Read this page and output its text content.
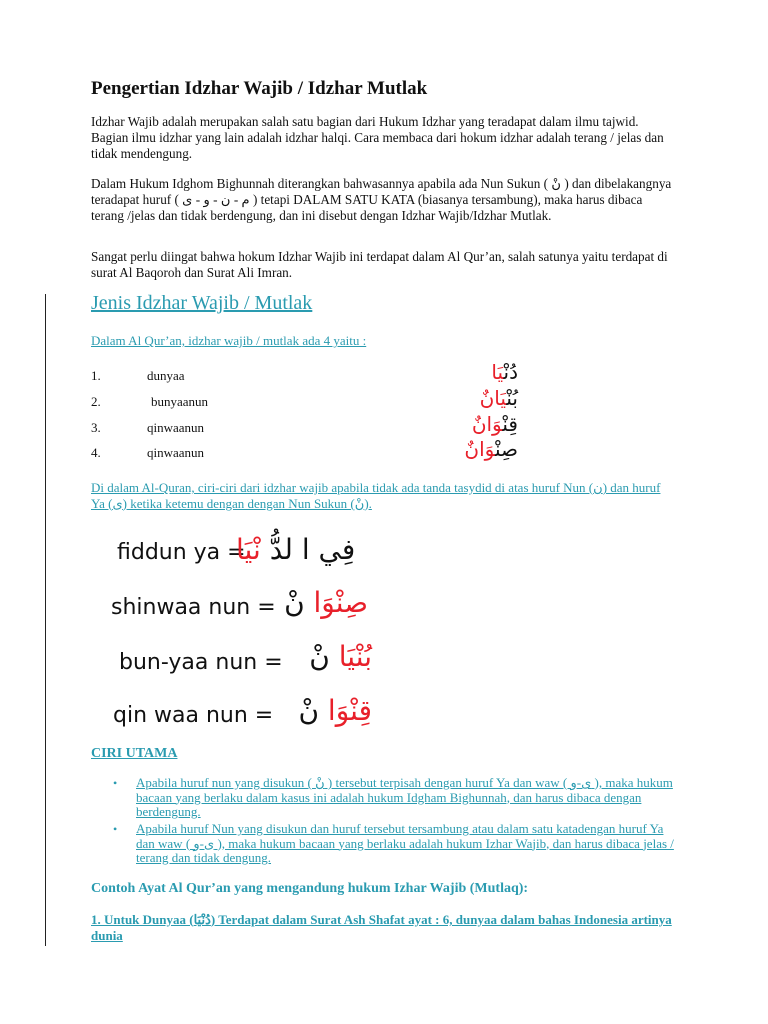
Pengertian Idzhar Wajib / Idzhar Mutlak
Idzhar Wajib adalah merupakan salah satu bagian dari Hukum Idzhar yang teradapat dalam ilmu tajwid. Bagian ilmu idzhar yang lain adalah idzhar halqi. Cara membaca dari hokum idzhar adalah terang / jelas dan tidak mendengung.
Dalam Hukum Idghom Bighunnah diterangkan bahwasannya apabila ada Nun Sukun ( نْ ) dan dibelakangnya teradapat huruf ( م - ن - و - ى ) tetapi DALAM SATU KATA (biasanya tersambung), maka harus dibaca terang /jelas dan tidak berdengung, dan ini disebut dengan Idzhar Wajib/Idzhar Mutlak.
Sangat perlu diingat bahwa hokum Idzhar Wajib ini terdapat dalam Al Qur’an, salah satunya yaitu terdapat di surat Al Baqoroh dan Surat Ali Imran.
Jenis Idzhar Wajib / Mutlak
Dalam Al Qur’an, idzhar wajib / mutlak ada 4 yaitu :
1.	dunyaa	دُنْيَا
2.	bunyaanun	بُنْيَانٌ
3.	qinwaanun	قِنْوَانٌ
4.	qinwaanun	صِنْوَانٌ
Di dalam Al-Quran, ciri-ciri dari idzhar wajib apabila tidak ada tanda tasydid di atas huruf Nun (ن) dan huruf Ya (ى) ketika ketemu dengan dengan Nun Sukun (نْ).
fiddun ya = فِي ا لدُّ نْيَا
shinwaa nun =	صِنْوَا نْ
bun-yaa nun =	بُنْيَا نْ
qin waa nun =	قِنْوَا نْ
CIRI UTAMA
• Apabila huruf nun yang disukun ( نْ ) tersebut terpisah dengan huruf Ya dan waw ( ى-و ), maka hukum bacaan yang berlaku dalam kasus ini adalah hukum Idgham Bighunnah, dan harus dibaca dengan berdengung.
• Apabila huruf Nun yang disukun dan huruf tersebut tersambung atau dalam satu katadengan huruf Ya dan waw ( ى-و ), maka hukum bacaan yang berlaku adalah hukum Izhar Wajib, dan harus dibaca jelas / terang dan tidak dengung.
Contoh Ayat Al Qur’an yang mengandung hukum Izhar Wajib (Mutlaq):
1. Untuk Dunyaa (دُنْيَا) Terdapat dalam Surat Ash Shafat ayat : 6, dunyaa dalam bahas Indonesia artinya dunia
